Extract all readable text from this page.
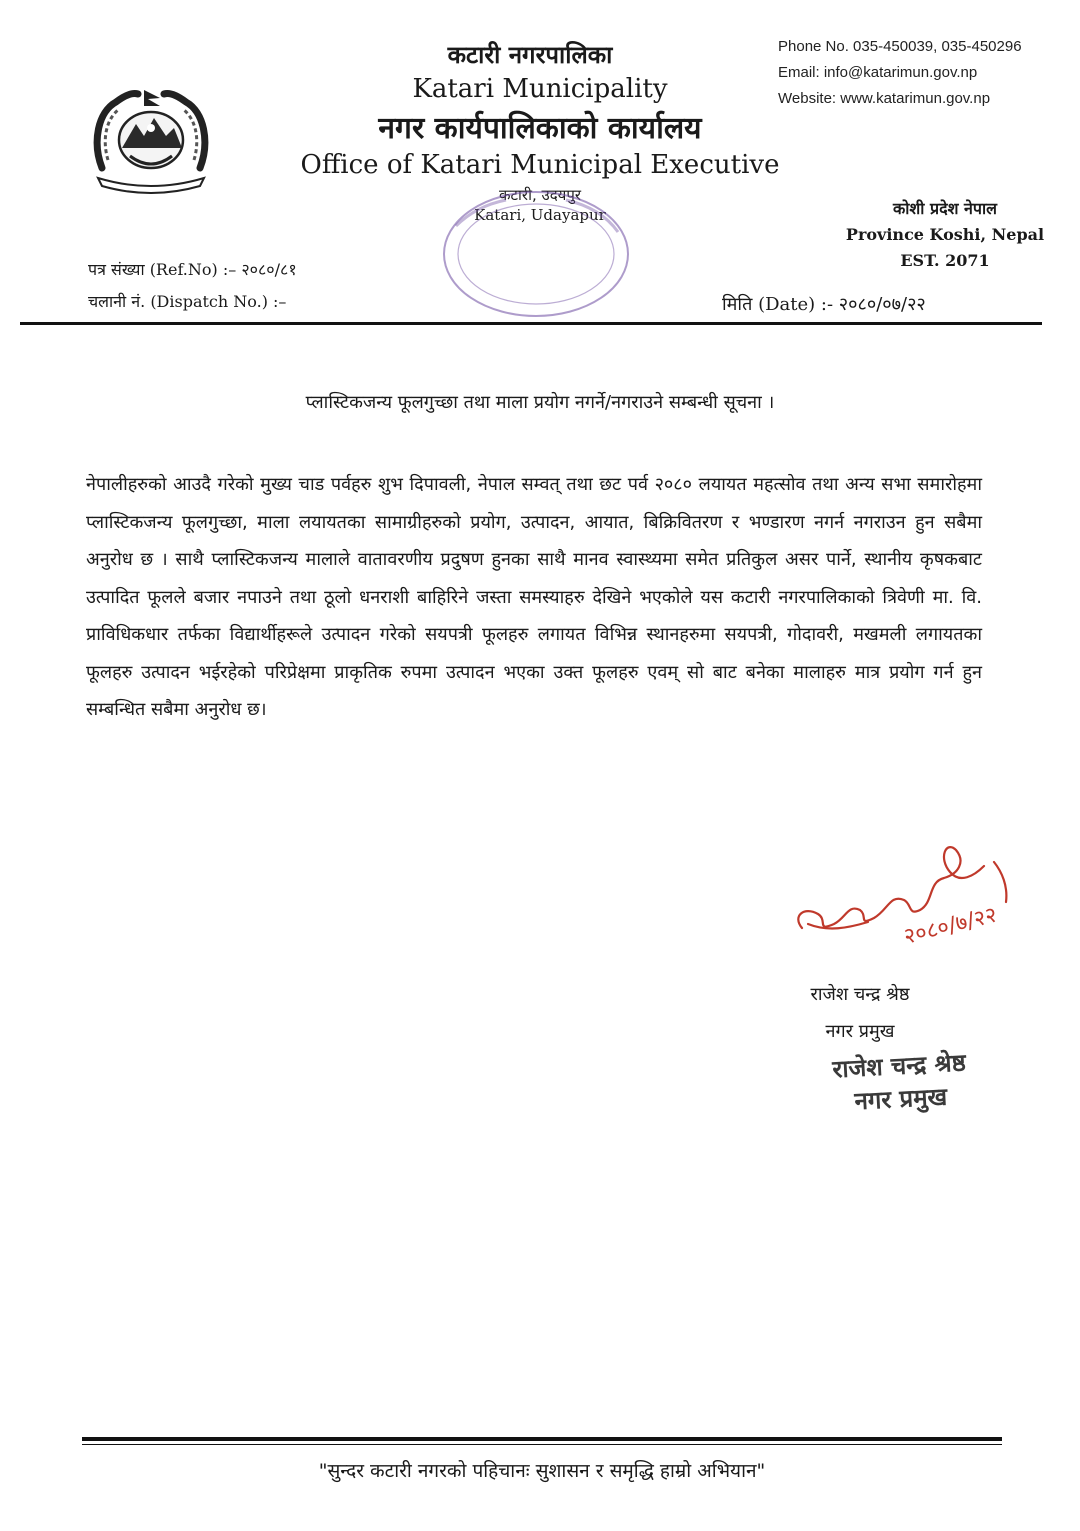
कटारी नगरपालिका
Katari Municipality
नगर कार्यपालिकाको कार्यालय
Office of Katari Municipal Executive
कटारी, उदयपुर
Katari, Udayapur
Phone No. 035-450039, 035-450296
Email: info@katarimun.gov.np
Website: www.katarimun.gov.np
कोशी प्रदेश नेपाल
Province Koshi, Nepal
EST. 2071
पत्र संख्या (Ref.No) :– २०८०/८१
चलानी नं. (Dispatch No.) :–	मिति (Date) :- २०८०/०७/२२
प्लास्टिकजन्य फूलगुच्छा तथा माला प्रयोग नगर्ने/नगराउने सम्बन्धी सूचना ।
नेपालीहरुको आउदै गरेको मुख्य चाड पर्वहरु शुभ दिपावली, नेपाल सम्वत् तथा छट पर्व २०८० लयायत महत्सोव तथा अन्य सभा समारोहमा प्लास्टिकजन्य फूलगुच्छा, माला लयायतका सामाग्रीहरुको प्रयोग, उत्पादन, आयात, बिक्रिवितरण र भण्डारण नगर्न नगराउन हुन सबैमा अनुरोध छ । साथै प्लास्टिकजन्य मालाले वातावरणीय प्रदुषण हुनका साथै मानव स्वास्थ्यमा समेत प्रतिकुल असर पार्ने, स्थानीय कृषकबाट उत्पादित फूलले बजार नपाउने तथा ठूलो धनराशी बाहिरिने जस्ता समस्याहरु देखिने भएकोले यस कटारी नगरपालिकाको त्रिवेणी मा. वि. प्राविधिकधार तर्फका विद्यार्थीहरूले उत्पादन गरेको सयपत्री फूलहरु लगायत विभिन्न स्थानहरुमा सयपत्री, गोदावरी, मखमली लगायतका फूलहरु उत्पादन भईरहेको परिप्रेक्षमा प्राकृतिक रुपमा उत्पादन भएका उक्त फूलहरु एवम् सो बाट बनेका मालाहरु मात्र प्रयोग गर्न हुन सम्बन्धित सबैमा अनुरोध छ।
२०८०/७/२२
राजेश चन्द्र श्रेष्ठ
नगर प्रमुख
राजेश चन्द्र श्रेष्ठ
नगर प्रमुख
"सुन्दर कटारी नगरको पहिचानः सुशासन र समृद्धि हाम्रो अभियान"
